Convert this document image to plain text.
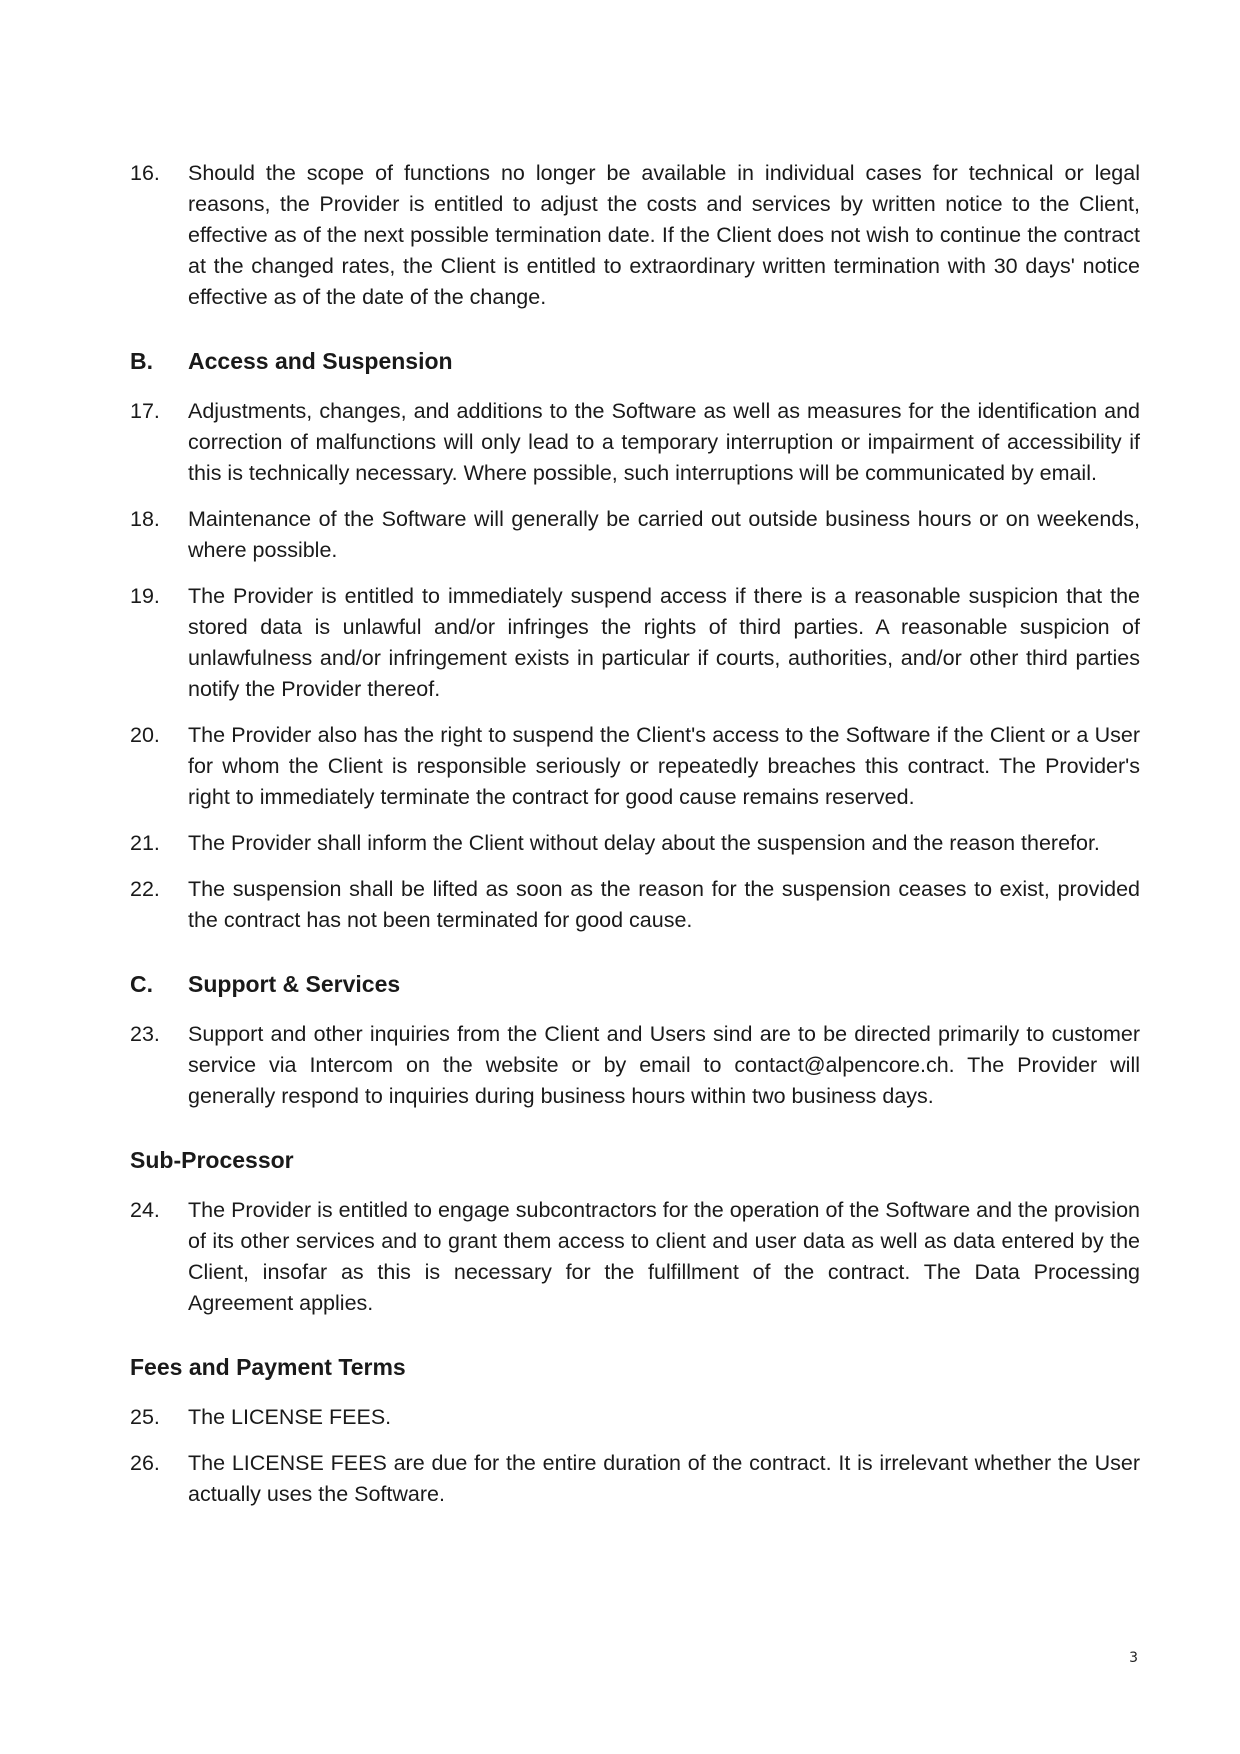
16.	Should the scope of functions no longer be available in individual cases for technical or legal reasons, the Provider is entitled to adjust the costs and services by written notice to the Client, effective as of the next possible termination date. If the Client does not wish to continue the contract at the changed rates, the Client is entitled to extraordinary written termination with 30 days' notice effective as of the date of the change.
B.	Access and Suspension
17.	Adjustments, changes, and additions to the Software as well as measures for the identification and correction of malfunctions will only lead to a temporary interruption or impairment of accessibility if this is technically necessary. Where possible, such interruptions will be communicated by email.
18.	Maintenance of the Software will generally be carried out outside business hours or on weekends, where possible.
19.	The Provider is entitled to immediately suspend access if there is a reasonable suspicion that the stored data is unlawful and/or infringes the rights of third parties. A reasonable suspicion of unlawfulness and/or infringement exists in particular if courts, authorities, and/or other third parties notify the Provider thereof.
20.	The Provider also has the right to suspend the Client's access to the Software if the Client or a User for whom the Client is responsible seriously or repeatedly breaches this contract. The Provider's right to immediately terminate the contract for good cause remains reserved.
21.	The Provider shall inform the Client without delay about the suspension and the reason therefor.
22.	The suspension shall be lifted as soon as the reason for the suspension ceases to exist, provided the contract has not been terminated for good cause.
C.	Support & Services
23.	Support and other inquiries from the Client and Users sind are to be directed primarily to customer service via Intercom on the website or by email to contact@alpencore.ch. The Provider will generally respond to inquiries during business hours within two business days.
Sub-Processor
24.	The Provider is entitled to engage subcontractors for the operation of the Software and the provision of its other services and to grant them access to client and user data as well as data entered by the Client, insofar as this is necessary for the fulfillment of the contract. The Data Processing Agreement applies.
Fees and Payment Terms
25.	The LICENSE FEES.
26.	The LICENSE FEES are due for the entire duration of the contract. It is irrelevant whether the User actually uses the Software.
3
